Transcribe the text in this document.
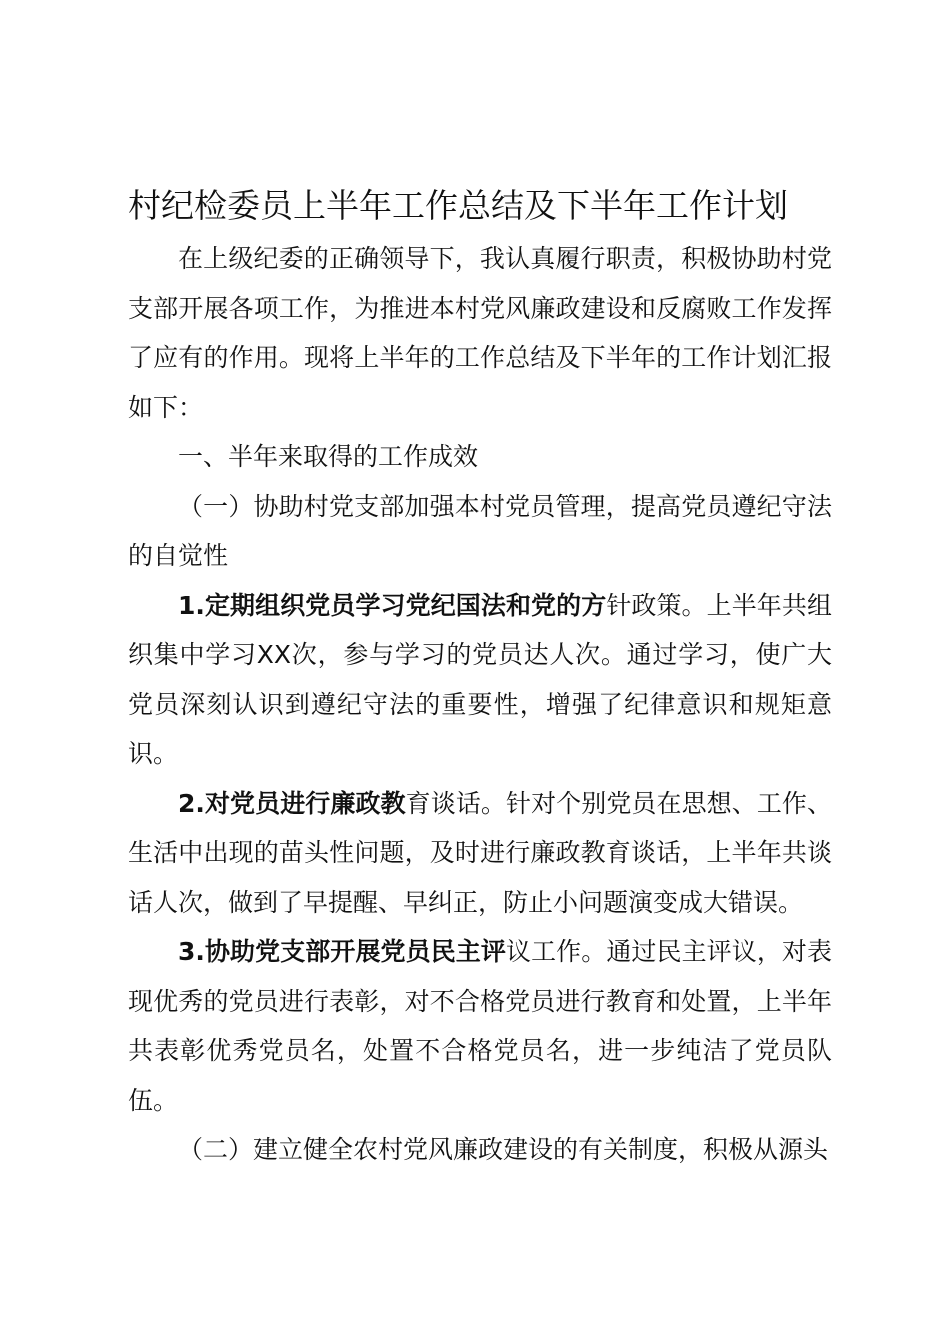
村纪检委员上半年工作总结及下半年工作计划

在上级纪委的正确领导下，我认真履行职责，积极协助村党支部开展各项工作，为推进本村党风廉政建设和反腐败工作发挥了应有的作用。现将上半年的工作总结及下半年的工作计划汇报如下：

一、半年来取得的工作成效

（一）协助村党支部加强本村党员管理，提高党员遵纪守法的自觉性

1.定期组织党员学习党纪国法和党的方针政策。上半年共组织集中学习XX次，参与学习的党员达人次。通过学习，使广大党员深刻认识到遵纪守法的重要性，增强了纪律意识和规矩意识。

2.对党员进行廉政教育谈话。针对个别党员在思想、工作、生活中出现的苗头性问题，及时进行廉政教育谈话，上半年共谈话人次，做到了早提醒、早纠正，防止小问题演变成大错误。

3.协助党支部开展党员民主评议工作。通过民主评议，对表现优秀的党员进行表彰，对不合格党员进行教育和处置，上半年共表彰优秀党员名，处置不合格党员名，进一步纯洁了党员队伍。

（二）建立健全农村党风廉政建设的有关制度，积极从源头
